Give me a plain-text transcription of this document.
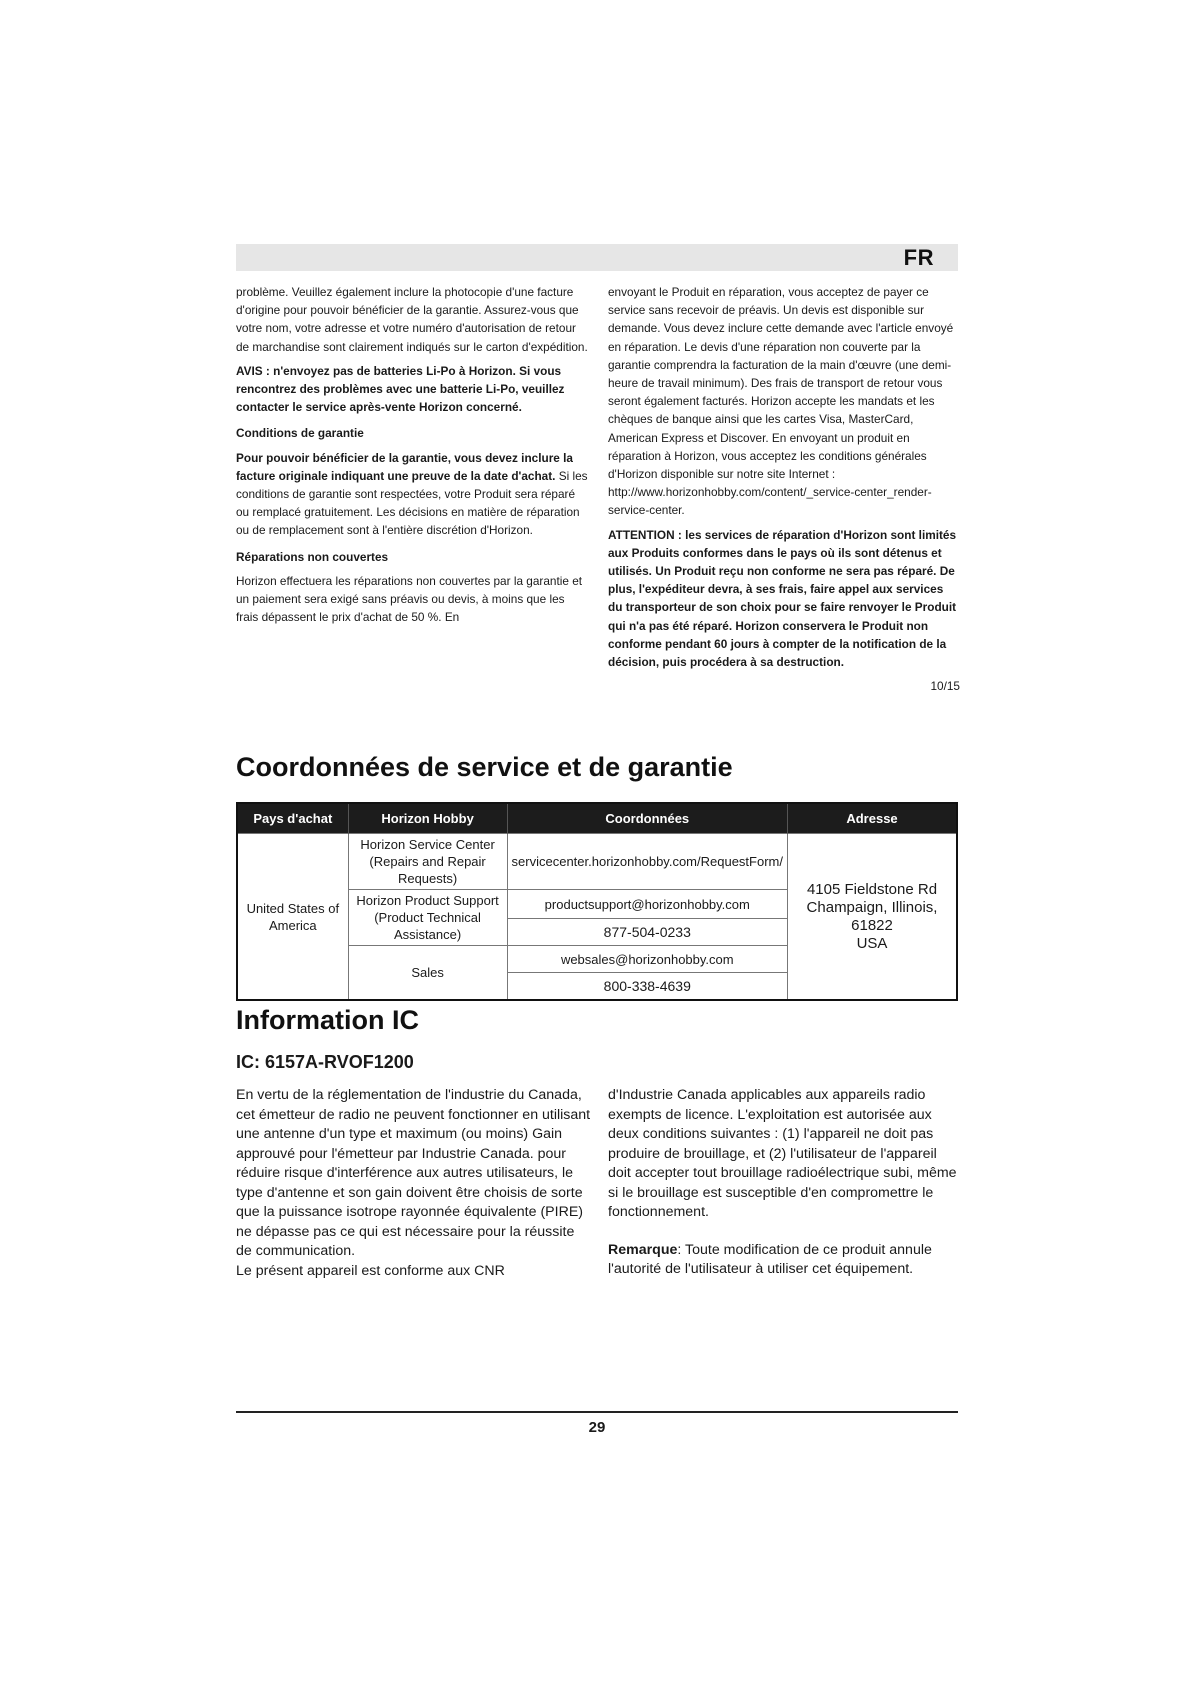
FR

problème. Veuillez également inclure la photocopie d'une facture d'origine pour pouvoir bénéficier de la garantie. Assurez-vous que votre nom, votre adresse et votre numéro d'autorisation de retour de marchandise sont clairement indiqués sur le carton d'expédition.

AVIS : n'envoyez pas de batteries Li-Po à Horizon. Si vous rencontrez des problèmes avec une batterie Li-Po, veuillez contacter le service après-vente Horizon concerné.

Conditions de garantie

Pour pouvoir bénéficier de la garantie, vous devez inclure la facture originale indiquant une preuve de la date d'achat. Si les conditions de garantie sont respectées, votre Produit sera réparé ou remplacé gratuitement. Les décisions en matière de réparation ou de remplacement sont à l'entière discrétion d'Horizon.

Réparations non couvertes

Horizon effectuera les réparations non couvertes par la garantie et un paiement sera exigé sans préavis ou devis, à moins que les frais dépassent le prix d'achat de 50 %. En

envoyant le Produit en réparation, vous acceptez de payer ce service sans recevoir de préavis. Un devis est disponible sur demande. Vous devez inclure cette demande avec l'article envoyé en réparation. Le devis d'une réparation non couverte par la garantie comprendra la facturation de la main d'œuvre (une demi-heure de travail minimum). Des frais de transport de retour vous seront également facturés. Horizon accepte les mandats et les chèques de banque ainsi que les cartes Visa, MasterCard, American Express et Discover. En envoyant un produit en réparation à Horizon, vous acceptez les conditions générales d'Horizon disponible sur notre site Internet : http://www.horizonhobby.com/content/_service-center_render-service-center.

ATTENTION : les services de réparation d'Horizon sont limités aux Produits conformes dans le pays où ils sont détenus et utilisés. Un Produit reçu non conforme ne sera pas réparé. De plus, l'expéditeur devra, à ses frais, faire appel aux services du transporteur de son choix pour se faire renvoyer le Produit qui n'a pas été réparé. Horizon conservera le Produit non conforme pendant 60 jours à compter de la notification de la décision, puis procédera à sa destruction.

10/15
Coordonnées de service et de garantie
Pays d'achat	Horizon Hobby	Coordonnées	Adresse
United States of America	Horizon Service Center (Repairs and Repair Requests)	servicecenter.horizonhobby.com/RequestForm/	4105 Fieldstone Rd
Champaign, Illinois, 61822
USA

	Horizon Product Support (Product Technical Assistance)	productsupport@horizonhobby.com	
		877-504-0233	
	Sales	websales@horizonhobby.com	
		800-338-4639	
Information IC
IC: 6157A-RVOF1200

En vertu de la réglementation de l'industrie du Canada, cet émetteur de radio ne peuvent fonctionner en utilisant une antenne d'un type et maximum (ou moins) Gain approuvé pour l'émetteur par Industrie Canada. pour réduire risque d'interférence aux autres utilisateurs, le type d'antenne et son gain doivent être choisis de sorte que la puissance isotrope rayonnée équivalente (PIRE) ne dépasse pas ce qui est nécessaire pour la réussite de communication.

Le présent appareil est conforme aux CNR

d'Industrie Canada applicables aux appareils radio exempts de licence. L'exploitation est autorisée aux deux conditions suivantes : (1) l'appareil ne doit pas produire de brouillage, et (2) l'utilisateur de l'appareil doit accepter tout brouillage radioélectrique subi, même si le brouillage est susceptible d'en compromettre le fonctionnement.

Remarque: Toute modification de ce produit annule l'autorité de l'utilisateur à utiliser cet équipement.

29
